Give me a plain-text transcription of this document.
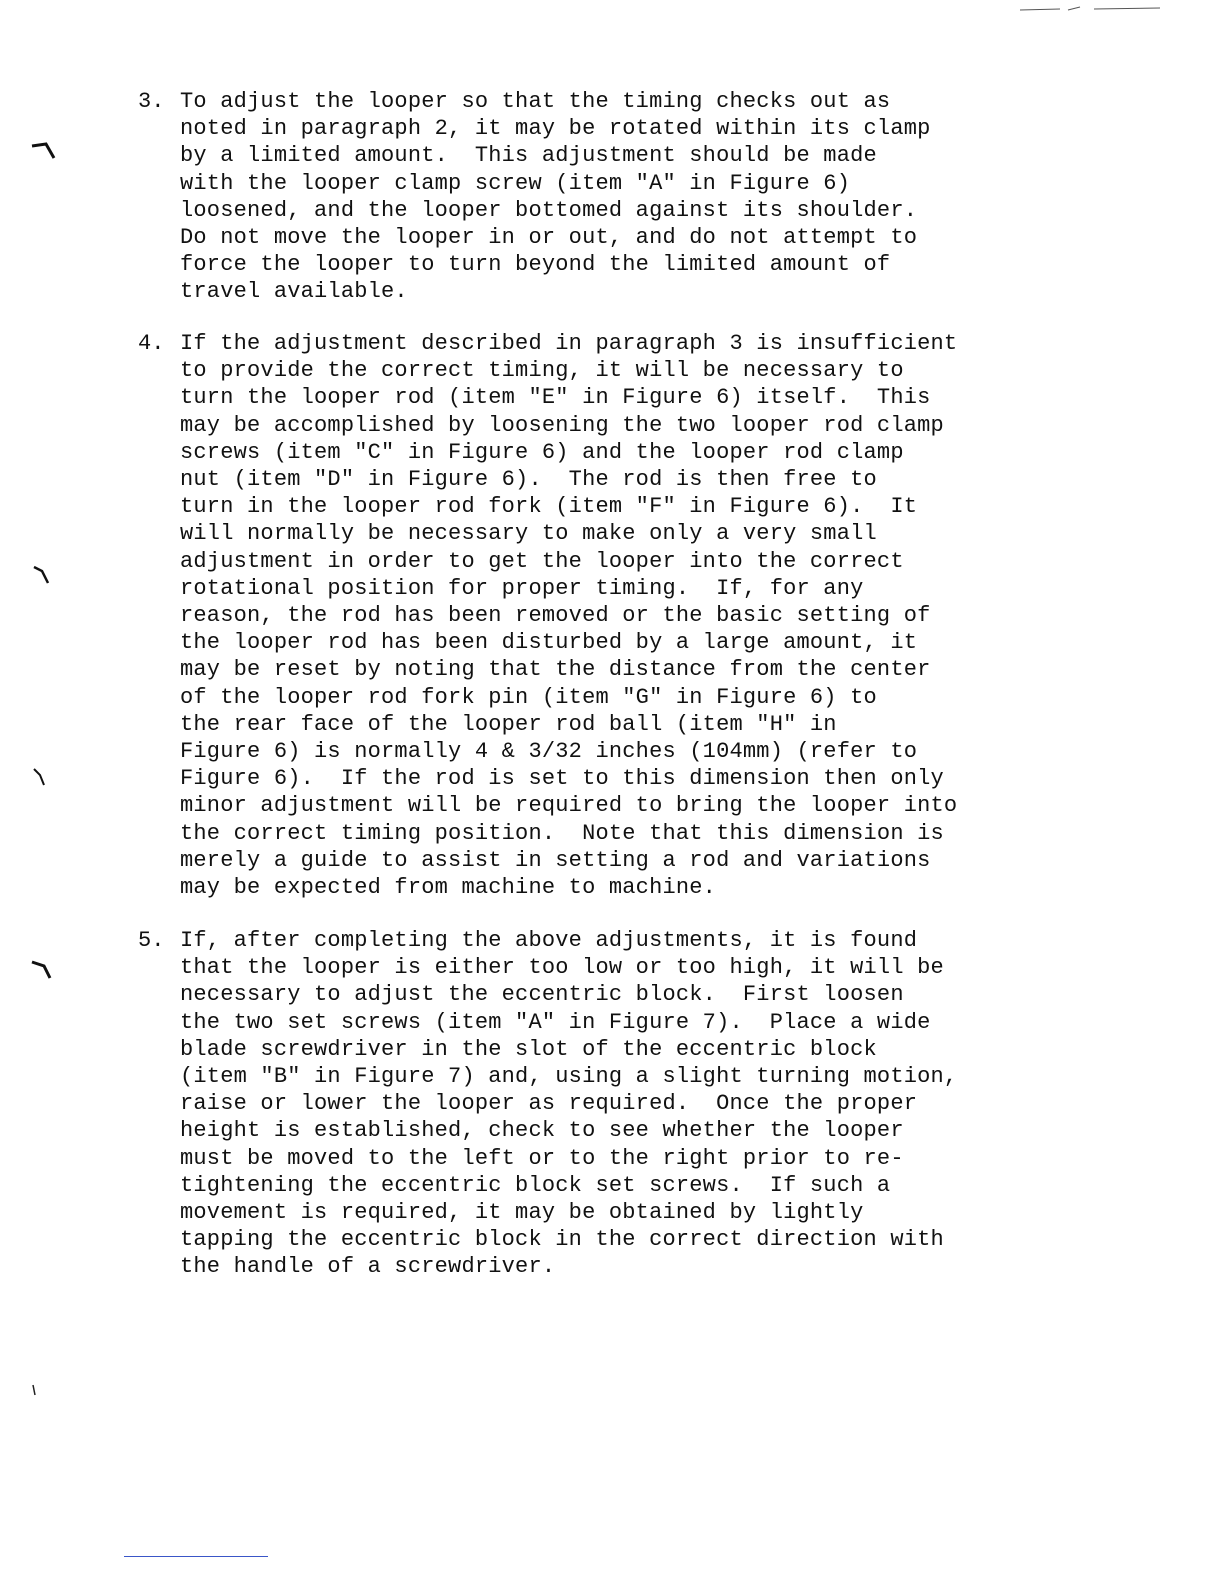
3. To adjust the looper so that the timing checks out as
noted in paragraph 2, it may be rotated within its clamp
by a limited amount.  This adjustment should be made
with the looper clamp screw (item "A" in Figure 6)
loosened, and the looper bottomed against its shoulder.
Do not move the looper in or out, and do not attempt to
force the looper to turn beyond the limited amount of
travel available.
4. If the adjustment described in paragraph 3 is insufficient
to provide the correct timing, it will be necessary to
turn the looper rod (item "E" in Figure 6) itself.  This
may be accomplished by loosening the two looper rod clamp
screws (item "C" in Figure 6) and the looper rod clamp
nut (item "D" in Figure 6).  The rod is then free to
turn in the looper rod fork (item "F" in Figure 6).  It
will normally be necessary to make only a very small
adjustment in order to get the looper into the correct
rotational position for proper timing.  If, for any
reason, the rod has been removed or the basic setting of
the looper rod has been disturbed by a large amount, it
may be reset by noting that the distance from the center
of the looper rod fork pin (item "G" in Figure 6) to
the rear face of the looper rod ball (item "H" in
Figure 6) is normally 4 & 3/32 inches (104mm) (refer to
Figure 6).  If the rod is set to this dimension then only
minor adjustment will be required to bring the looper into
the correct timing position.  Note that this dimension is
merely a guide to assist in setting a rod and variations
may be expected from machine to machine.
5. If, after completing the above adjustments, it is found
that the looper is either too low or too high, it will be
necessary to adjust the eccentric block.  First loosen
the two set screws (item "A" in Figure 7).  Place a wide
blade screwdriver in the slot of the eccentric block
(item "B" in Figure 7) and, using a slight turning motion,
raise or lower the looper as required.  Once the proper
height is established, check to see whether the looper
must be moved to the left or to the right prior to re-
tightening the eccentric block set screws.  If such a
movement is required, it may be obtained by lightly
tapping the eccentric block in the correct direction with
the handle of a screwdriver.
